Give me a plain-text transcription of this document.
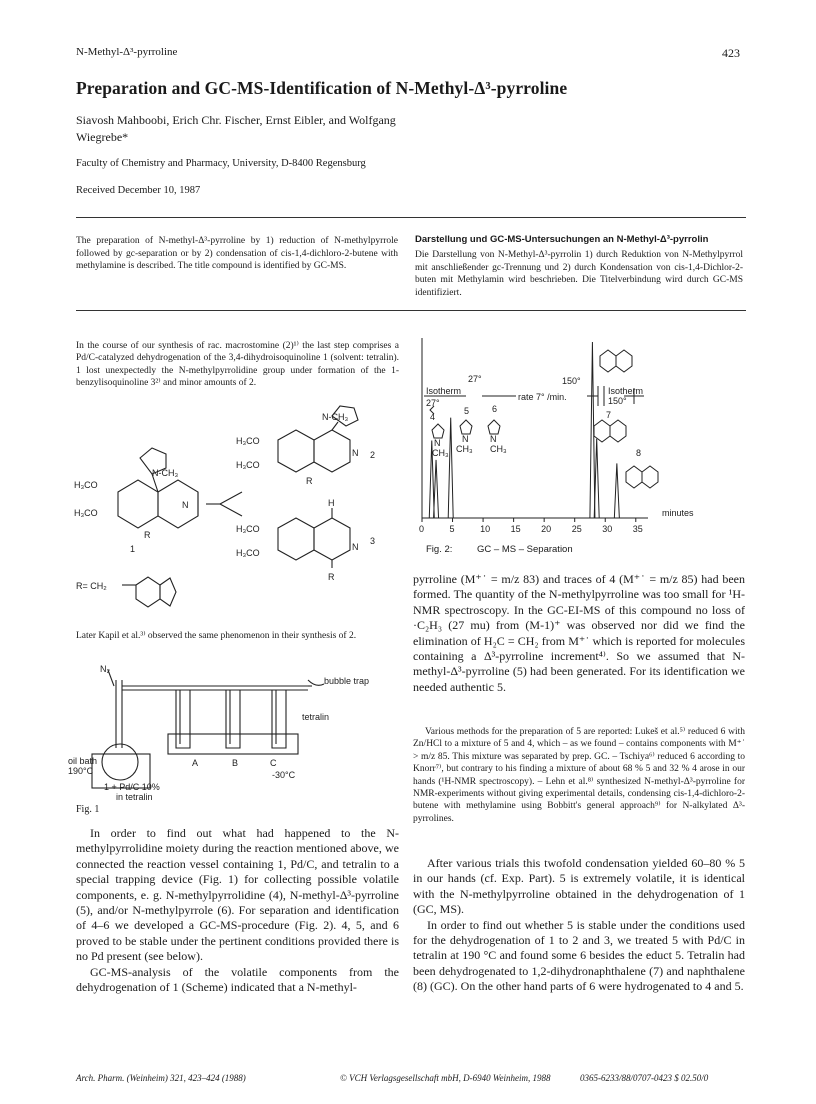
N-Methyl-Δ³-pyrroline	423
Preparation and GC-MS-Identification of N-Methyl-Δ³-pyrroline
Siavosh Mahboobi, Erich Chr. Fischer, Ernst Eibler, and Wolfgang Wiegrebe*
Faculty of Chemistry and Pharmacy, University, D-8400 Regensburg
Received December 10, 1987
The preparation of N-methyl-Δ³-pyrroline by 1) reduction of N-methylpyrrole followed by gc-separation or by 2) condensation of cis-1,4-dichloro-2-butene with methylamine is described. The title compound is identified by GC-MS.
Darstellung und GC-MS-Untersuchungen an N-Methyl-Δ³-pyrrolin
Die Darstellung von N-Methyl-Δ³-pyrrolin 1) durch Reduktion von N-Methylpyrrol mit anschließender gc-Trennung und 2) durch Kondensation von cis-1,4-Dichlor-2-buten mit Methylamin wird beschrieben. Die Titelverbindung wird durch GC-MS identifiziert.
In the course of our synthesis of rac. macrostomine (2)¹⁾ the last step comprises a Pd/C-catalyzed dehydrogenation of the 3,4-dihydroisoquinoline 1 (solvent: tetralin). 1 lost unexpectedly the N-methylpyrrolidine group under formation of the 1-benzylisoquinoline 3²⁾ and minor amounts of 2.
H₃CO
H₃CO
N-CH₃
N
R
1
H₃CO
H₃CO
N-CH₃
N
R
2
H
H₃CO
H₃CO
N
R
3
R= CH₂
Later Kapil et al.³⁾ observed the same phenomenon in their synthesis of 2.
N₂
bubble trap
tetralin
oil bath
190°C
A	B	C
-30°C
1 + Pd/C 10%
in tetralin
Fig. 1

In order to find out what had happened to the N-methylpyrrolidine moiety during the reaction mentioned above, we connected the reaction vessel containing 1, Pd/C, and tetralin to a special trapping device (Fig. 1) for collecting possible volatile components, e. g. N-methylpyrrolidine (4), N-methyl-Δ³-pyrroline (5), and/or N-methylpyrrole (6). For separation and identification of 4–6 we developed a GC-MS-procedure (Fig. 2). 4, 5, and 6 proved to be stable under the pertinent conditions provided there is no Pd present (see below).

GC-MS-analysis of the volatile components from the dehydrogenation of 1 (Scheme) indicated that a N-methyl-

0	5	10 15 20 25 30 35
Isotherm
27°
27°
rate 7° /min.
150°
Isotherm
150°
4
5	6
7
8
N
CH₃
N
CH₃
N
CH₃
minutes
Fig. 2:	GC – MS – Separation
pyrroline (M⁺˙ = m/z 83) and traces of 4 (M⁺˙ = m/z 85) had been formed. The quantity of the N-methylpyrroline was too small for ¹H-NMR spectroscopy. In the GC-EI-MS of this compound no loss of ·C₂H₃ (27 mu) from (M-1)⁺ was observed nor did we find the elimination of H₂C = CH₂ from M⁺˙ which is reported for molecules containing a Δ³-pyrroline increment⁴⁾. So we assumed that N-methyl-Δ³-pyrroline (5) had been generated. For its identification we needed authentic 5.
Various methods for the preparation of 5 are reported: Lukeš et al.⁵⁾ reduced 6 with Zn/HCl to a mixture of 5 and 4, which – as we found – contains components with M⁺˙ > m/z 85. This mixture was separated by prep. GC. – Tschiya⁶⁾ reduced 6 according to Knorr⁷⁾, but contrary to his finding a mixture of about 68 % 5 and 32 % 4 arose in our hands (¹H-NMR spectroscopy). – Lehn et al.⁸⁾ synthesized N-methyl-Δ³-pyrroline for NMR-experiments without giving experimental details, condensing cis-1,4-dichloro-2-butene with methylamine using Bobbitt's general approach⁹⁾ for N-alkylated Δ³-pyrrolines.

After various trials this twofold condensation yielded 60–80 % 5 in our hands (cf. Exp. Part). 5 is extremely volatile, it is identical with the N-methylpyrroline obtained in the dehydrogenation of 1 (GC, MS).

In order to find out whether 5 is stable under the conditions used for the dehydrogenation of 1 to 2 and 3, we treated 5 with Pd/C in tetralin at 190 °C and found some 6 besides the educt 5. Tetralin had been dehydrogenated to 1,2-dihydronaphthalene (7) and naphthalene (8) (GC). On the other hand parts of 6 were hydrogenated to 4 and 5.

Arch. Pharm. (Weinheim) 321, 423–424 (1988)	© VCH Verlagsgesellschaft mbH, D-6940 Weinheim, 1988	0365-6233/88/0707-0423 $ 02.50/0
